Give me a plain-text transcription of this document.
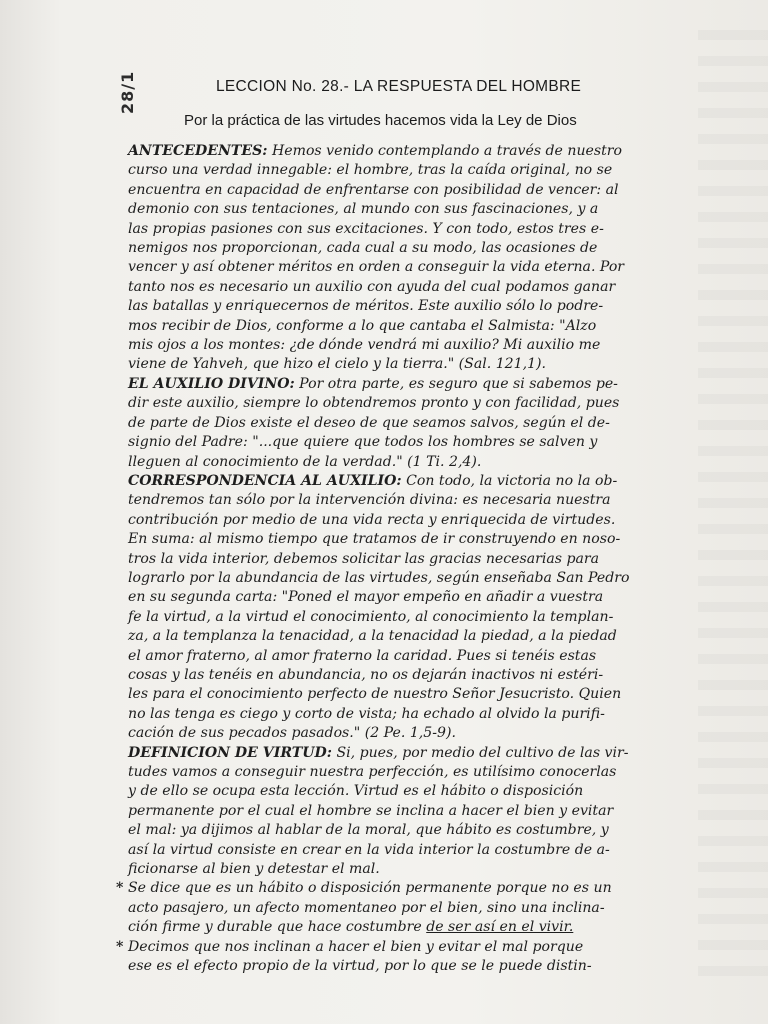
28/1	LECCION No. 28.- LA RESPUESTA DEL HOMBRE
Por la práctica de las virtudes hacemos vida la Ley de Dios
ANTECEDENTES: Hemos venido contemplando a través de nuestro
curso una verdad innegable: el hombre, tras la caída original, no se
encuentra en capacidad de enfrentarse con posibilidad de vencer: al
demonio con sus tentaciones, al mundo con sus fascinaciones, y a
las propias pasiones con sus excitaciones. Y con todo, estos tres e-
nemigos nos proporcionan, cada cual a su modo, las ocasiones de
vencer y así obtener méritos en orden a conseguir la vida eterna. Por
tanto nos es necesario un auxilio con ayuda del cual podamos ganar
las batallas y enriquecernos de méritos. Este auxilio sólo lo podre-
mos recibir de Dios, conforme a lo que cantaba el Salmista: "Alzo
mis ojos a los montes: ¿de dónde vendrá mi auxilio? Mi auxilio me
viene de Yahveh, que hizo el cielo y la tierra." (Sal. 121,1).
EL AUXILIO DIVINO: Por otra parte, es seguro que si sabemos pe-
dir este auxilio, siempre lo obtendremos pronto y con facilidad, pues
de parte de Dios existe el deseo de que seamos salvos, según el de-
signio del Padre: "...que quiere que todos los hombres se salven y
lleguen al conocimiento de la verdad." (1 Ti. 2,4).
CORRESPONDENCIA AL AUXILIO: Con todo, la victoria no la ob-
tendremos tan sólo por la intervención divina: es necesaria nuestra
contribución por medio de una vida recta y enriquecida de virtudes.
En suma: al mismo tiempo que tratamos de ir construyendo en noso-
tros la vida interior, debemos solicitar las gracias necesarias para
lograrlo por la abundancia de las virtudes, según enseñaba San Pedro
en su segunda carta: "Poned el mayor empeño en añadir a vuestra
fe la virtud, a la virtud el conocimiento, al conocimiento la templan-
za, a la templanza la tenacidad, a la tenacidad la piedad, a la piedad
el amor fraterno, al amor fraterno la caridad. Pues si tenéis estas
cosas y las tenéis en abundancia, no os dejarán inactivos ni estéri-
les para el conocimiento perfecto de nuestro Señor Jesucristo. Quien
no las tenga es ciego y corto de vista; ha echado al olvido la purifi-
cación de sus pecados pasados." (2 Pe. 1,5-9).
DEFINICION DE VIRTUD: Si, pues, por medio del cultivo de las vir-
tudes vamos a conseguir nuestra perfección, es utilísimo conocerlas
y de ello se ocupa esta lección. Virtud es el hábito o disposición
permanente por el cual el hombre se inclina a hacer el bien y evitar
el mal: ya dijimos al hablar de la moral, que hábito es costumbre, y
así la virtud consiste en crear en la vida interior la costumbre de a-
ficionarse al bien y detestar el mal.
* Se dice que es un hábito o disposición permanente porque no es un
acto pasajero, un afecto momentaneo por el bien, sino una inclina-
ción firme y durable que hace costumbre de ser así en el vivir.
* Decimos que nos inclinan a hacer el bien y evitar el mal porque
ese es el efecto propio de la virtud, por lo que se le puede distin-
